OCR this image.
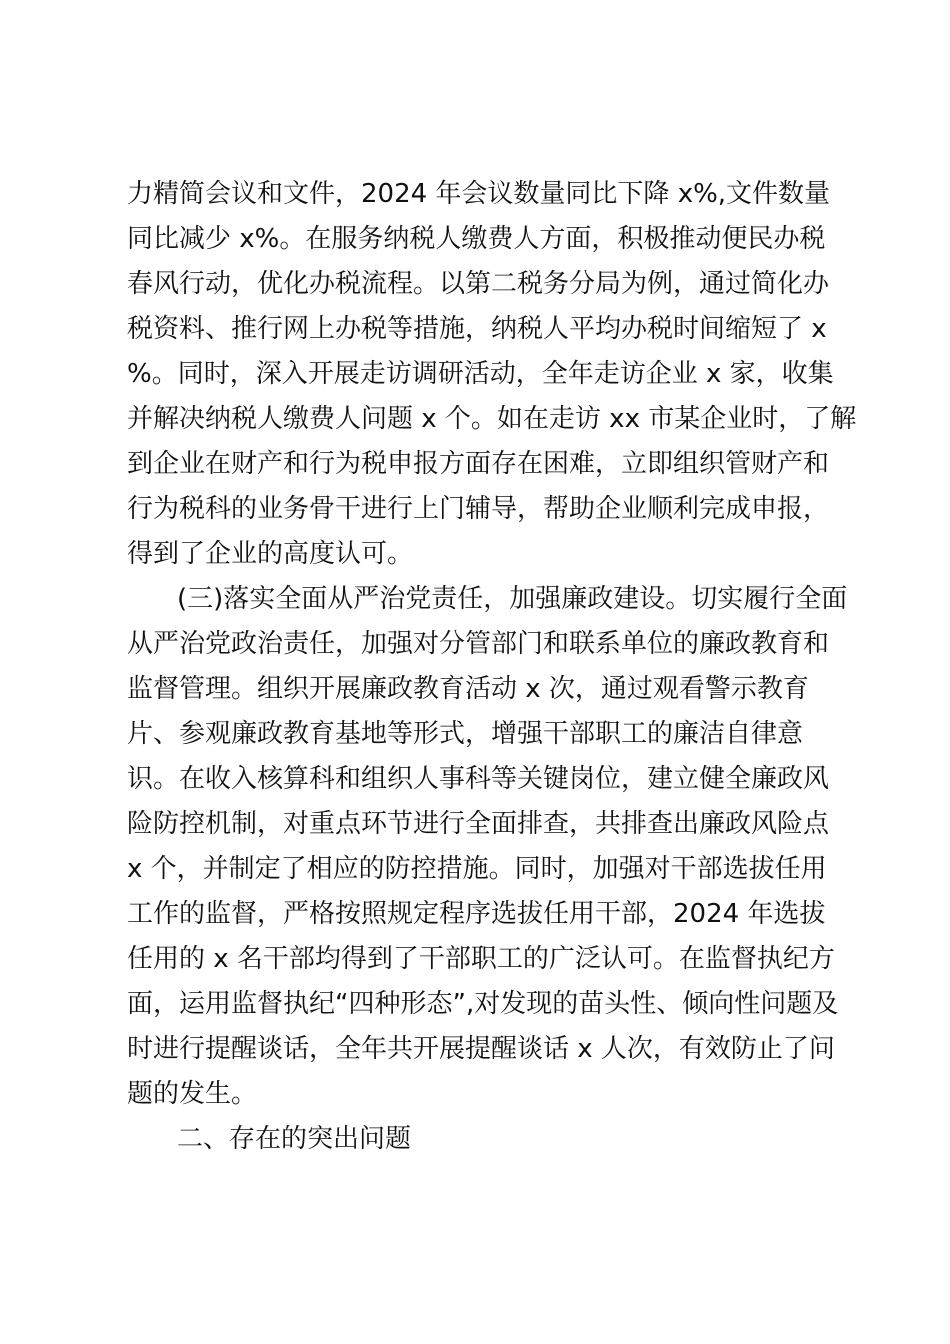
力精简会议和文件，2024 年会议数量同比下降 x%,文件数量
同比减少 x%。在服务纳税人缴费人方面，积极推动便民办税
春风行动，优化办税流程。以第二税务分局为例，通过简化办
税资料、推行网上办税等措施，纳税人平均办税时间缩短了 x
%。同时，深入开展走访调研活动，全年走访企业 x 家，收集
并解决纳税人缴费人问题 x 个。如在走访 xx 市某企业时，了解
到企业在财产和行为税申报方面存在困难，立即组织管财产和
行为税科的业务骨干进行上门辅导，帮助企业顺利完成申报，
得到了企业的高度认可。
(三)落实全面从严治党责任，加强廉政建设。切实履行全面
从严治党政治责任，加强对分管部门和联系单位的廉政教育和
监督管理。组织开展廉政教育活动 x 次，通过观看警示教育
片、参观廉政教育基地等形式，增强干部职工的廉洁自律意
识。在收入核算科和组织人事科等关键岗位，建立健全廉政风
险防控机制，对重点环节进行全面排查，共排查出廉政风险点
x 个，并制定了相应的防控措施。同时，加强对干部选拔任用
工作的监督，严格按照规定程序选拔任用干部，2024 年选拔
任用的 x 名干部均得到了干部职工的广泛认可。在监督执纪方
面，运用监督执纪“四种形态”,对发现的苗头性、倾向性问题及
时进行提醒谈话，全年共开展提醒谈话 x 人次，有效防止了问
题的发生。
二、存在的突出问题
